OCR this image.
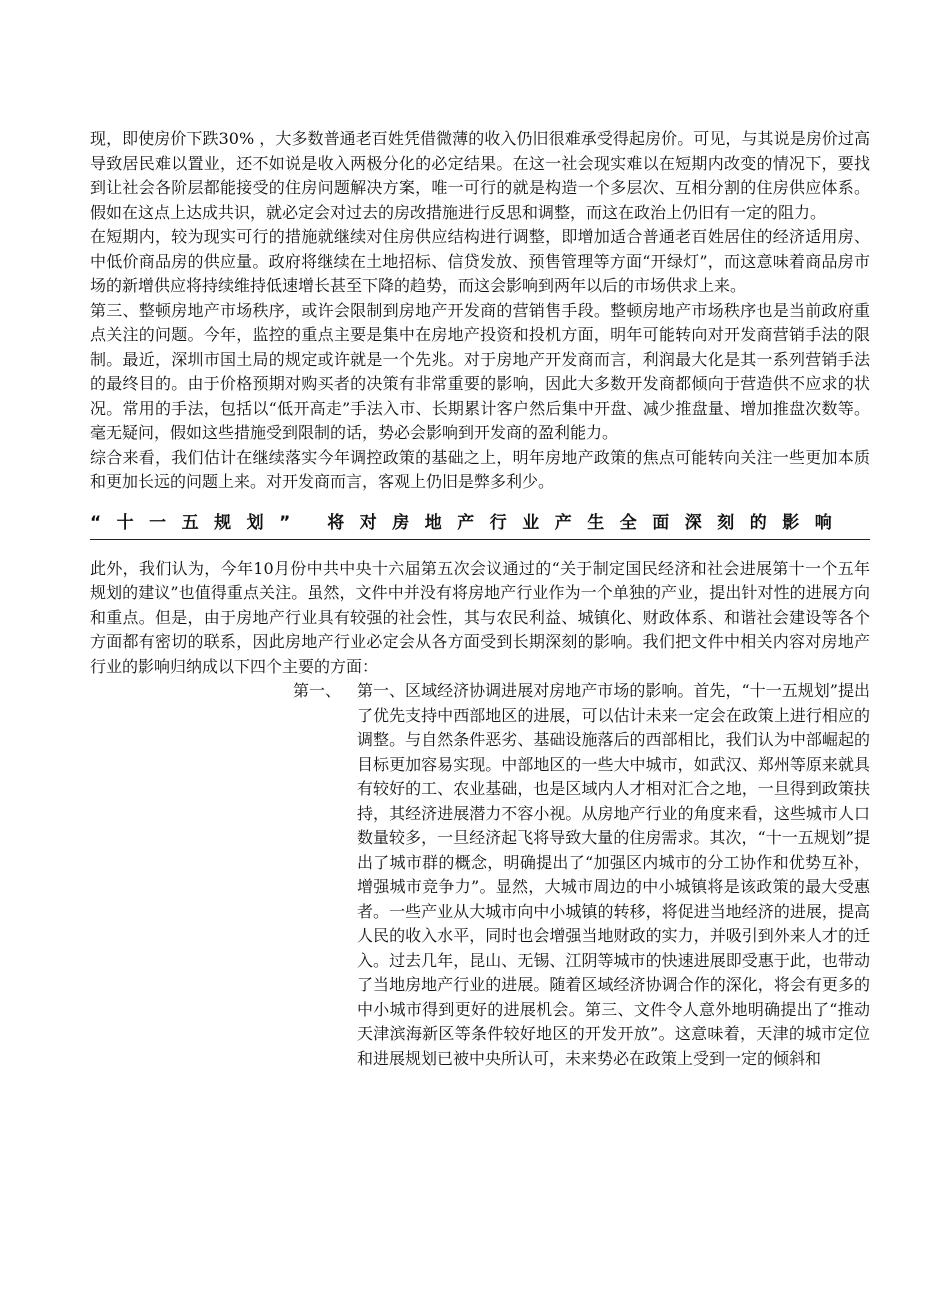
现，即使房价下跌30% ，大多数普通老百姓凭借微薄的收入仍旧很难承受得起房价。可见，与其说是房价过高导致居民难以置业，还不如说是收入两极分化的必定结果。在这一社会现实难以在短期内改变的情况下，要找到让社会各阶层都能接受的住房问题解决方案，唯一可行的就是构造一个多层次、互相分割的住房供应体系。假如在这点上达成共识，就必定会对过去的房改措施进行反思和调整，而这在政治上仍旧有一定的阻力。

在短期内，较为现实可行的措施就继续对住房供应结构进行调整，即增加适合普通老百姓居住的经济适用房、中低价商品房的供应量。政府将继续在土地招标、信贷发放、预售管理等方面“开绿灯”，而这意味着商品房市场的新增供应将持续维持低速增长甚至下降的趋势，而这会影响到两年以后的市场供求上来。

第三、整顿房地产市场秩序，或许会限制到房地产开发商的营销售手段。整顿房地产市场秩序也是当前政府重点关注的问题。今年，监控的重点主要是集中在房地产投资和投机方面，明年可能转向对开发商营销手法的限制。最近，深圳市国土局的规定或许就是一个先兆。对于房地产开发商而言，利润最大化是其一系列营销手法的最终目的。由于价格预期对购买者的决策有非常重要的影响，因此大多数开发商都倾向于营造供不应求的状况。常用的手法，包括以“低开高走”手法入市、长期累计客户然后集中开盘、减少推盘量、增加推盘次数等。毫无疑问，假如这些措施受到限制的话，势必会影响到开发商的盈利能力。

综合来看，我们估计在继续落实今年调控政策的基础之上，明年房地产政策的焦点可能转向关注一些更加本质和更加长远的问题上来。对开发商而言，客观上仍旧是弊多利少。

“十一五规划” 将对房地产行业产生全面深刻的影响

此外，我们认为，今年10月份中共中央十六届第五次会议通过的“关于制定国民经济和社会进展第十一个五年规划的建议”也值得重点关注。虽然，文件中并没有将房地产行业作为一个单独的产业，提出针对性的进展方向和重点。但是，由于房地产行业具有较强的社会性，其与农民利益、城镇化、财政体系、和谐社会建设等各个方面都有密切的联系，因此房地产行业必定会从各方面受到长期深刻的影响。我们把文件中相关内容对房地产行业的影响归纳成以下四个主要的方面：

第一、 第一、区域经济协调进展对房地产市场的影响。首先，“十一五规划”提出了优先支持中西部地区的进展，可以估计未来一定会在政策上进行相应的调整。与自然条件恶劣、基础设施落后的西部相比，我们认为中部崛起的目标更加容易实现。中部地区的一些大中城市，如武汉、郑州等原来就具有较好的工、农业基础，也是区域内人才相对汇合之地，一旦得到政策扶持，其经济进展潜力不容小视。从房地产行业的角度来看，这些城市人口数量较多，一旦经济起飞将导致大量的住房需求。其次，“十一五规划”提出了城市群的概念，明确提出了“加强区内城市的分工协作和优势互补，增强城市竞争力”。显然，大城市周边的中小城镇将是该政策的最大受惠者。一些产业从大城市向中小城镇的转移，将促进当地经济的进展，提高人民的收入水平，同时也会增强当地财政的实力，并吸引到外来人才的迁入。过去几年，昆山、无锡、江阴等城市的快速进展即受惠于此，也带动了当地房地产行业的进展。随着区域经济协调合作的深化，将会有更多的中小城市得到更好的进展机会。第三、文件令人意外地明确提出了“推动天津滨海新区等条件较好地区的开发开放”。这意味着，天津的城市定位和进展规划已被中央所认可，未来势必在政策上受到一定的倾斜和
